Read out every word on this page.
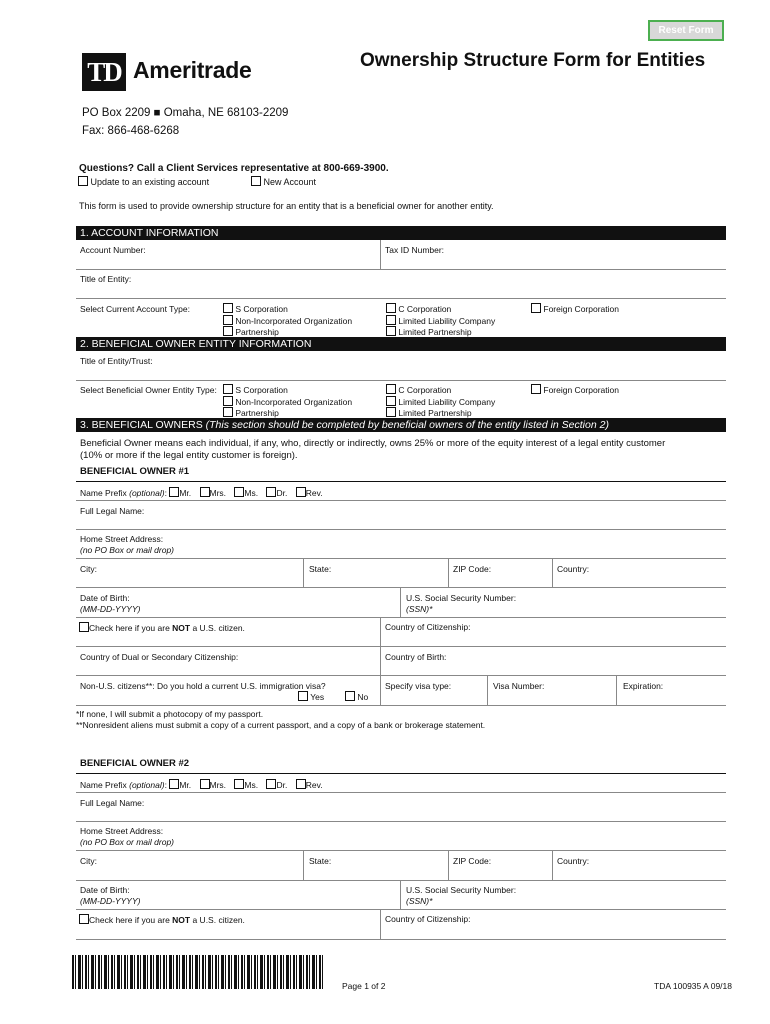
Reset Form
TD Ameritrade	Ownership Structure Form for Entities
PO Box 2209 ■ Omaha, NE 68103-2209
Fax: 866-468-6268
Questions? Call a Client Services representative at 800-669-3900.
Update to an existing account	New Account
This form is used to provide ownership structure for an entity that is a beneficial owner for another entity.
1. ACCOUNT INFORMATION
Account Number:	Tax ID Number:
Title of Entity:
Select Current Account Type:	S Corporation
Non-Incorporated Organization
Partnership
C Corporation
Limited Liability Company
Limited Partnership
Foreign Corporation
2. BENEFICIAL OWNER ENTITY INFORMATION
Title of Entity/Trust:
Select Beneficial Owner Entity Type:	S Corporation
Non-Incorporated Organization
Partnership
C Corporation
Limited Liability Company
Limited Partnership
Foreign Corporation
3. BENEFICIAL OWNERS (This section should be completed by beneficial owners of the entity listed in Section 2)
Beneficial Owner means each individual, if any, who, directly or indirectly, owns 25% or more of the equity interest of a legal entity customer
(10% or more if the legal entity customer is foreign).
BENEFICIAL OWNER #1
Name Prefix (optional): Mr. Mrs. Ms. Dr. Rev.
Full Legal Name:
Home Street Address:
(no PO Box or mail drop)
City:	State:	ZIP Code:	Country:
Date of Birth:
(MM-DD-YYYY)
U.S. Social Security Number:
(SSN)*
Check here if you are NOT a U.S. citizen.	Country of Citizenship:
Country of Dual or Secondary Citizenship:	Country of Birth:
Non-U.S. citizens**: Do you hold a current U.S. immigration visa?
Yes	No
Specify visa type:	Visa Number:	Expiration:
*If none, I will submit a photocopy of my passport.
**Nonresident aliens must submit a copy of a current passport, and a copy of a bank or brokerage statement.
BENEFICIAL OWNER #2
Name Prefix (optional): Mr. Mrs. Ms. Dr. Rev.
Full Legal Name:
Home Street Address:
(no PO Box or mail drop)
City:	State:	ZIP Code:	Country:
Date of Birth:
(MM-DD-YYYY)
U.S. Social Security Number:
(SSN)*
Check here if you are NOT a U.S. citizen.	Country of Citizenship:
Page 1 of 2	TDA 100935 A 09/18
